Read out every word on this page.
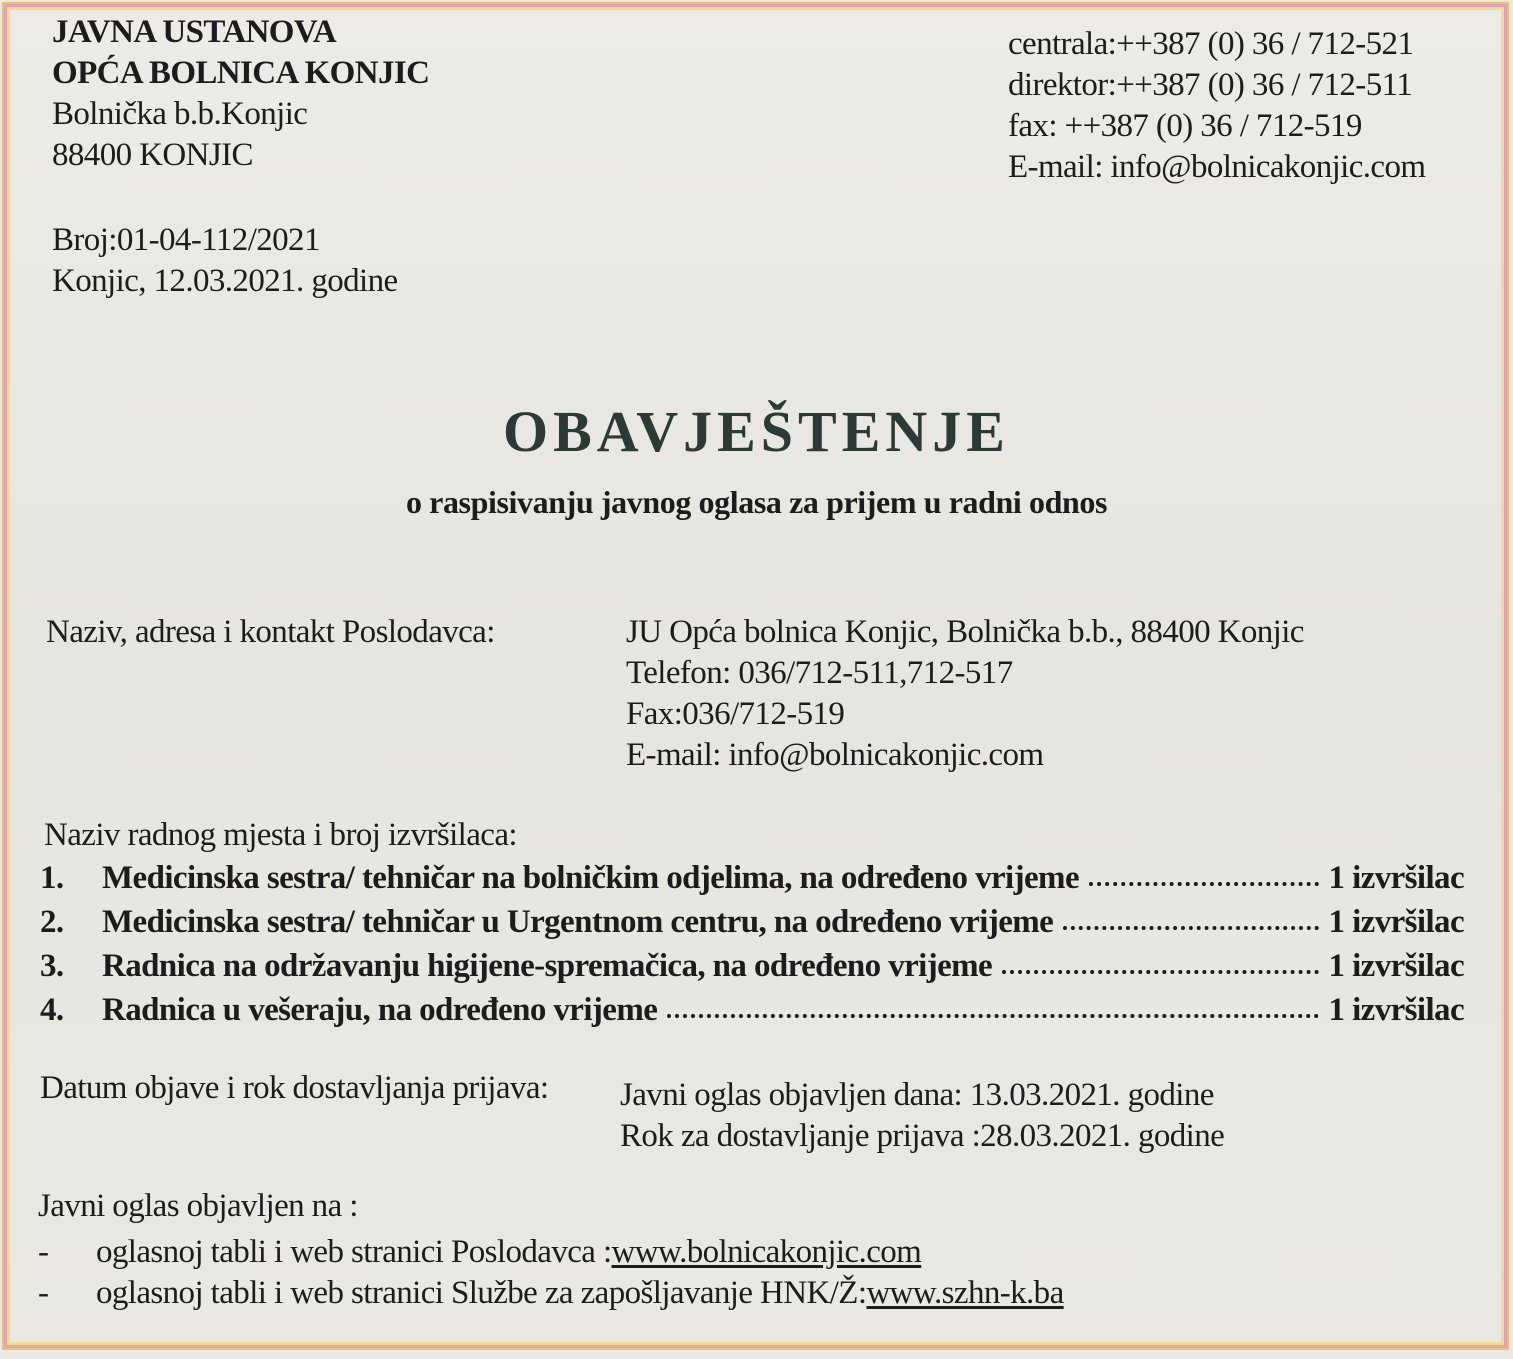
JAVNA USTANOVA
OPĆA BOLNICA KONJIC
Bolnička b.b.Konjic
88400 KONJIC
centrala:++387 (0) 36 / 712-521
direktor:++387 (0) 36 / 712-511
fax: ++387 (0) 36 / 712-519
E-mail: info@bolnicakonjic.com
Broj:01-04-112/2021
Konjic, 12.03.2021. godine
OBAVJEŠTENJE
o raspisivanju javnog oglasa za prijem u radni odnos
Naziv, adresa i kontakt Poslodavca:	JU Opća bolnica Konjic, Bolnička b.b., 88400 Konjic
Telefon: 036/712-511,712-517
Fax:036/712-519
E-mail: info@bolnicakonjic.com
Naziv radnog mjesta i broj izvršilaca:
1.	Medicinska sestra/ tehničar na bolničkim odjelima, na određeno vrijeme	1 izvršilac
2.	Medicinska sestra/ tehničar u Urgentnom centru, na određeno vrijeme	1 izvršilac
3.	Radnica na održavanju higijene-spremačica, na određeno vrijeme	1 izvršilac
4.	Radnica u vešeraju, na određeno vrijeme	1 izvršilac
Datum objave i rok dostavljanja prijava: Javni oglas objavljen dana: 13.03.2021. godine
Rok za dostavljanje prijava :28.03.2021. godine
Javni oglas objavljen na :
-	oglasnoj tabli i web stranici Poslodavca : www.bolnicakonjic.com
-	oglasnoj tabli i web stranici Službe za zapošljavanje HNK/Ž: www.szhn-k.ba
